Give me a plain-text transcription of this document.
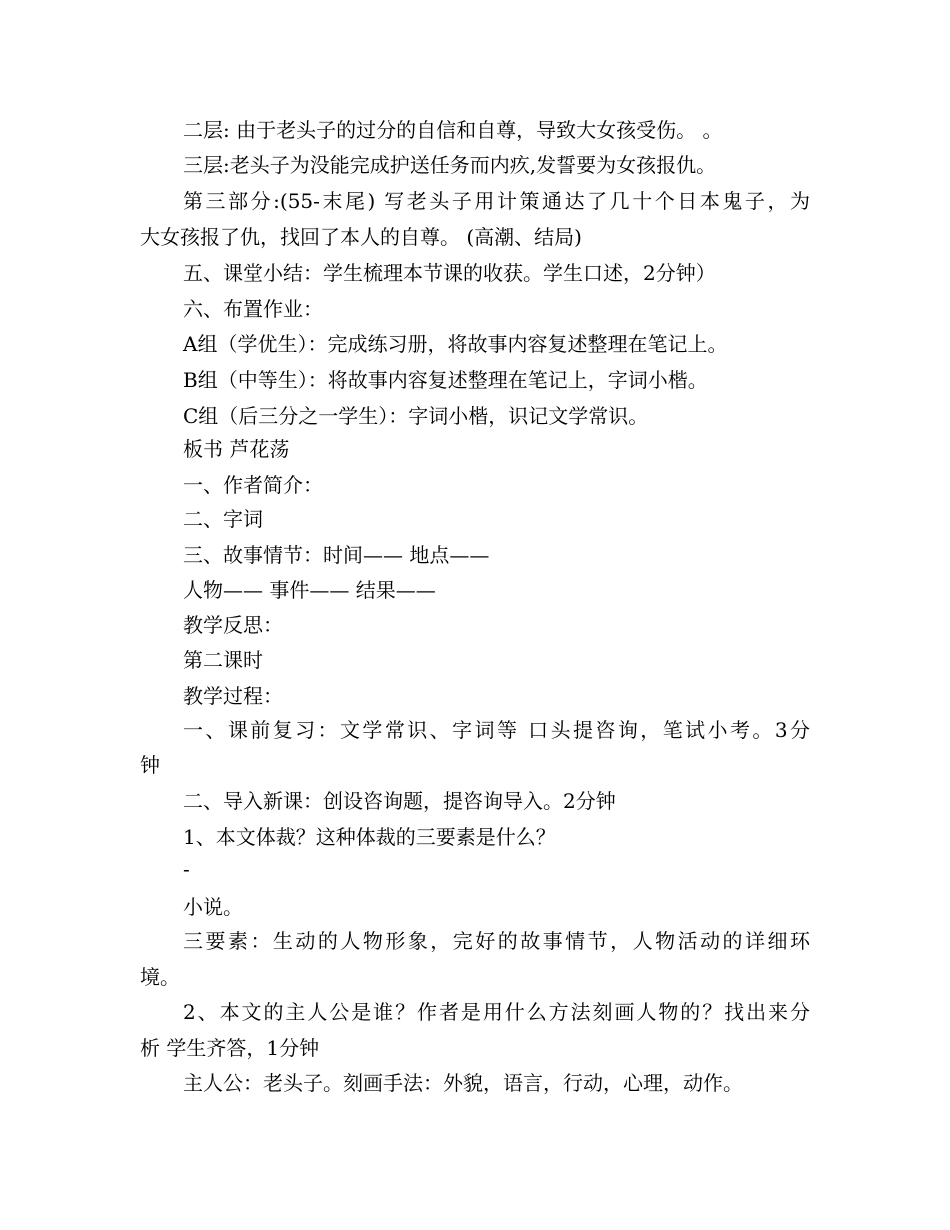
二层: 由于老头子的过分的自信和自尊，导致大女孩受伤。 。
三层:老头子为没能完成护送任务而内疚,发誓要为女孩报仇。
第三部分:(55-末尾) 写老头子用计策通达了几十个日本鬼子，为
大女孩报了仇，找回了本人的自尊。 (高潮、结局)
五、课堂小结：学生梳理本节课的收获。学生口述，2分钟）
六、布置作业：
A组（学优生）：完成练习册，将故事内容复述整理在笔记上。
B组（中等生）：将故事内容复述整理在笔记上，字词小楷。
C组（后三分之一学生）：字词小楷，识记文学常识。
板书 芦花荡
一、作者简介：
二、字词
三、故事情节：时间—— 地点——
人物—— 事件—— 结果——
教学反思：
第二课时
教学过程：
一、课前复习：文学常识、字词等 口头提咨询，笔试小考。3分
钟
二、导入新课：创设咨询题，提咨询导入。2分钟
1、本文体裁？这种体裁的三要素是什么？
-
小说。
三要素：生动的人物形象，完好的故事情节，人物活动的详细环
境。
2、本文的主人公是谁？作者是用什么方法刻画人物的？找出来分
析 学生齐答，1分钟
主人公：老头子。刻画手法：外貌，语言，行动，心理，动作。
